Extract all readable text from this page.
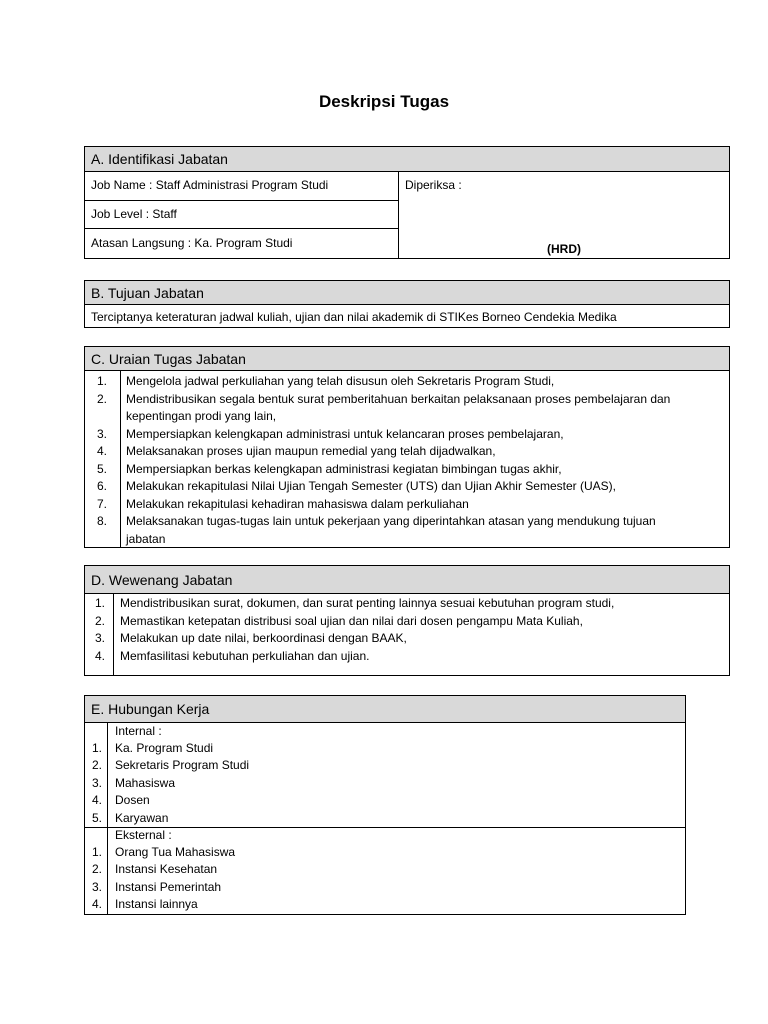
Deskripsi Tugas
A. Identifikasi Jabatan
Job Name : Staff Administrasi Program Studi	Diperiksa :
Job Level : Staff
Atasan Langsung : Ka. Program Studi	(HRD)
B. Tujuan Jabatan
Terciptanya keteraturan jadwal kuliah, ujian dan nilai akademik di STIKes Borneo Cendekia Medika
C. Uraian Tugas Jabatan
1. Mengelola jadwal perkuliahan yang telah disusun oleh Sekretaris Program Studi,
2. Mendistribusikan segala bentuk surat pemberitahuan berkaitan pelaksanaan proses pembelajaran dan
kepentingan prodi yang lain,
3. Mempersiapkan kelengkapan administrasi untuk kelancaran proses pembelajaran,
4. Melaksanakan proses ujian maupun remedial yang telah dijadwalkan,
5. Mempersiapkan berkas kelengkapan administrasi kegiatan bimbingan tugas akhir,
6. Melakukan rekapitulasi Nilai Ujian Tengah Semester (UTS) dan Ujian Akhir Semester (UAS),
7. Melakukan rekapitulasi kehadiran mahasiswa dalam perkuliahan
8. Melaksanakan tugas-tugas lain untuk pekerjaan yang diperintahkan atasan yang mendukung tujuan
jabatan
D. Wewenang Jabatan
1. Mendistribusikan surat, dokumen, dan surat penting lainnya sesuai kebutuhan program studi,
2. Memastikan ketepatan distribusi soal ujian dan nilai dari dosen pengampu Mata Kuliah,
3. Melakukan up date nilai, berkoordinasi dengan BAAK,
4. Memfasilitasi kebutuhan perkuliahan dan ujian.
E. Hubungan Kerja
Internal :
1. Ka. Program Studi
2. Sekretaris Program Studi
3. Mahasiswa
4. Dosen
5. Karyawan
Eksternal :
1. Orang Tua Mahasiswa
2. Instansi Kesehatan
3. Instansi Pemerintah
4. Instansi lainnya
